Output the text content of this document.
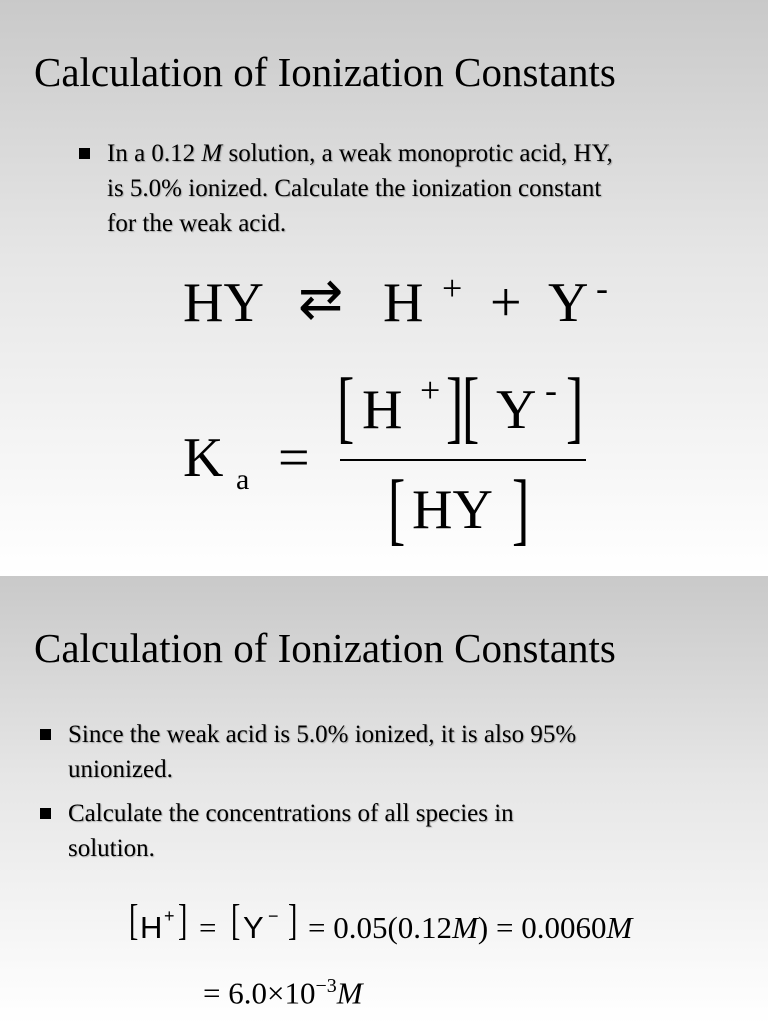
Calculation of Ionization Constants
In a 0.12 M solution, a weak monoprotic acid, HY,
is 5.0% ionized. Calculate the ionization constant
for the weak acid.
HY ⇄ H + + Y -
K a =
[ H + ]
[ Y - ]
[ HY ]
Calculation of Ionization Constants
Since the weak acid is 5.0% ionized, it is also 95%
unionized.
Calculate the concentrations of all species in
solution.
[ H + ] = [ Y − ] = 0.05(0.12M) = 0.0060M
= $6.0\times 10^{-3}M$
